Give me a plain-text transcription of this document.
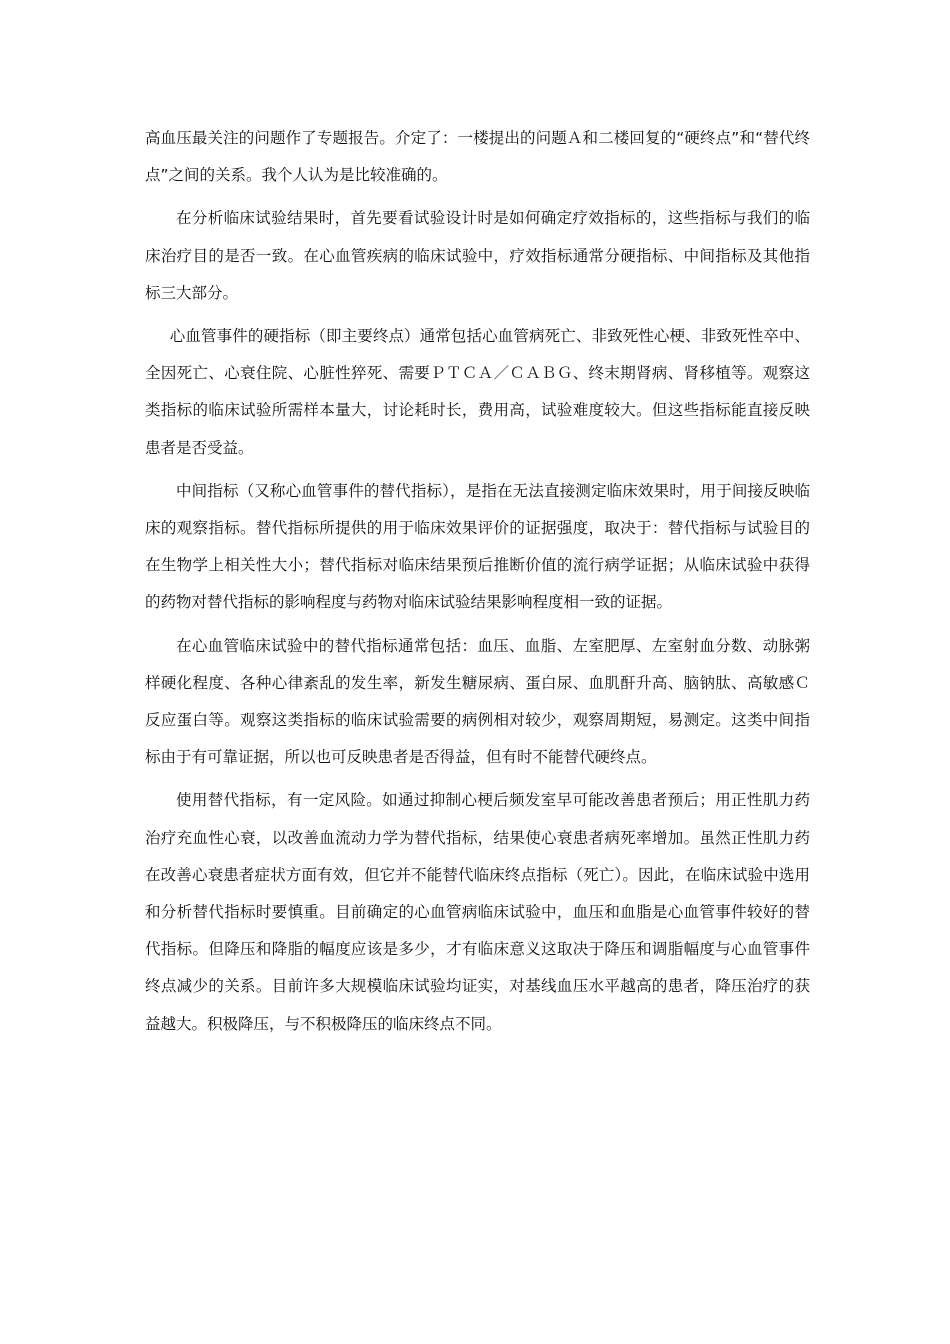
高血压最关注的问题作了专题报告。介定了：一楼提出的问题Ａ和二楼回复的“硬终点”和“替代终点”之间的关系。我个人认为是比较准确的。

在分析临床试验结果时，首先要看试验设计时是如何确定疗效指标的，这些指标与我们的临床治疗目的是否一致。在心血管疾病的临床试验中，疗效指标通常分硬指标、中间指标及其他指标三大部分。

心血管事件的硬指标（即主要终点）通常包括心血管病死亡、非致死性心梗、非致死性卒中、全因死亡、心衰住院、心脏性猝死、需要ＰＴＣＡ／ＣＡＢＧ、终末期肾病、肾移植等。观察这类指标的临床试验所需样本量大，讨论耗时长，费用高，试验难度较大。但这些指标能直接反映患者是否受益。

中间指标（又称心血管事件的替代指标），是指在无法直接测定临床效果时，用于间接反映临床的观察指标。替代指标所提供的用于临床效果评价的证据强度，取决于：替代指标与试验目的在生物学上相关性大小；替代指标对临床结果预后推断价值的流行病学证据；从临床试验中获得的药物对替代指标的影响程度与药物对临床试验结果影响程度相一致的证据。

在心血管临床试验中的替代指标通常包括：血压、血脂、左室肥厚、左室射血分数、动脉粥样硬化程度、各种心律紊乱的发生率，新发生糖尿病、蛋白尿、血肌酐升高、脑钠肽、高敏感Ｃ反应蛋白等。观察这类指标的临床试验需要的病例相对较少，观察周期短，易测定。这类中间指标由于有可靠证据，所以也可反映患者是否得益，但有时不能替代硬终点。

使用替代指标，有一定风险。如通过抑制心梗后频发室早可能改善患者预后；用正性肌力药治疗充血性心衰，以改善血流动力学为替代指标，结果使心衰患者病死率增加。虽然正性肌力药在改善心衰患者症状方面有效，但它并不能替代临床终点指标（死亡）。因此，在临床试验中选用和分析替代指标时要慎重。目前确定的心血管病临床试验中，血压和血脂是心血管事件较好的替代指标。但降压和降脂的幅度应该是多少，才有临床意义这取决于降压和调脂幅度与心血管事件终点减少的关系。目前许多大规模临床试验均证实，对基线血压水平越高的患者，降压治疗的获益越大。积极降压，与不积极降压的临床终点不同。
